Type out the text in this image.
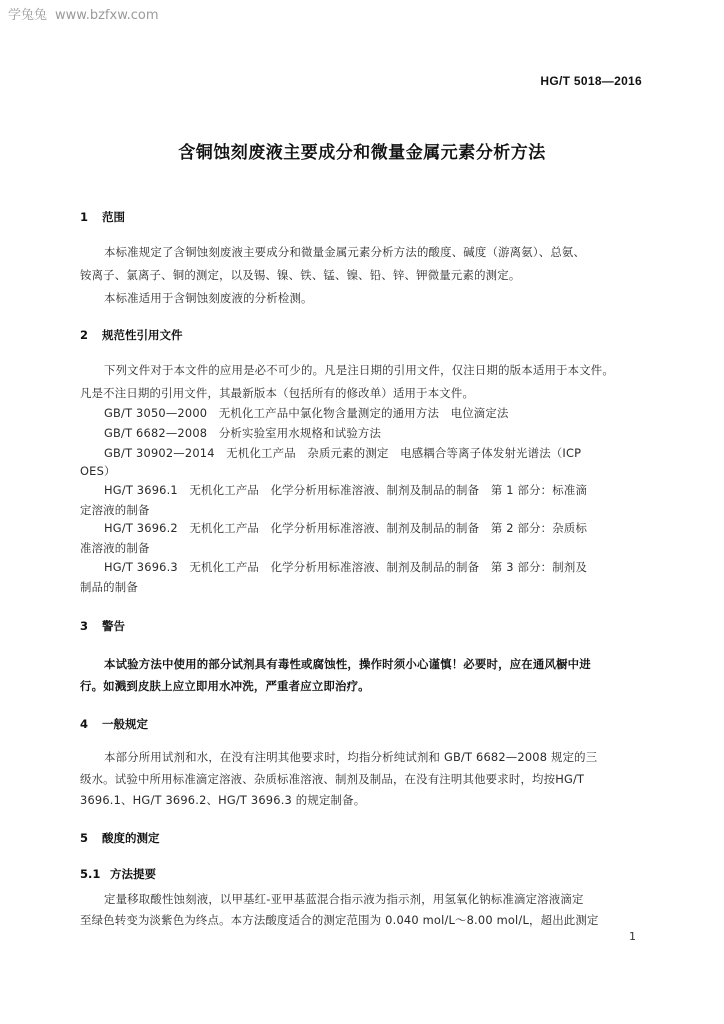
学兔兔 www.bzfxw.com
HG/T 5018—2016
含铜蚀刻废液主要成分和微量金属元素分析方法
1 范围
本标准规定了含铜蚀刻废液主要成分和微量金属元素分析方法的酸度、碱度（游离氨）、总氨、
铵离子、氯离子、铜的测定，以及锡、镍、铁、锰、镍、铅、锌、钾微量元素的测定。
本标准适用于含铜蚀刻废液的分析检测。
2 规范性引用文件
下列文件对于本文件的应用是必不可少的。凡是注日期的引用文件，仅注日期的版本适用于本文件。
凡是不注日期的引用文件，其最新版本（包括所有的修改单）适用于本文件。
GB/T 3050—2000　无机化工产品中氯化物含量测定的通用方法　电位滴定法
GB/T 6682—2008　分析实验室用水规格和试验方法
GB/T 30902—2014　无机化工产品　杂质元素的测定　电感耦合等离子体发射光谱法（ICP
OES）
HG/T 3696.1　无机化工产品　化学分析用标准溶液、制剂及制品的制备　第 1 部分：标准滴
定溶液的制备
HG/T 3696.2　无机化工产品　化学分析用标准溶液、制剂及制品的制备　第 2 部分：杂质标
准溶液的制备
HG/T 3696.3　无机化工产品　化学分析用标准溶液、制剂及制品的制备　第 3 部分：制剂及
制品的制备
3 警告
本试验方法中使用的部分试剂具有毒性或腐蚀性，操作时须小心谨慎！必要时，应在通风橱中进
行。如溅到皮肤上应立即用水冲洗，严重者应立即治疗。
4 一般规定
本部分所用试剂和水，在没有注明其他要求时，均指分析纯试剂和 GB/T 6682—2008 规定的三
级水。试验中所用标准滴定溶液、杂质标准溶液、制剂及制品，在没有注明其他要求时，均按HG/T
3696.1、HG/T 3696.2、HG/T 3696.3 的规定制备。
5 酸度的测定
5.1 方法提要
定量移取酸性蚀刻液，以甲基红-亚甲基蓝混合指示液为指示剂，用氢氧化钠标准滴定溶液滴定
至绿色转变为淡紫色为终点。本方法酸度适合的测定范围为 0.040 mol/L～8.00 mol/L，超出此测定
1
